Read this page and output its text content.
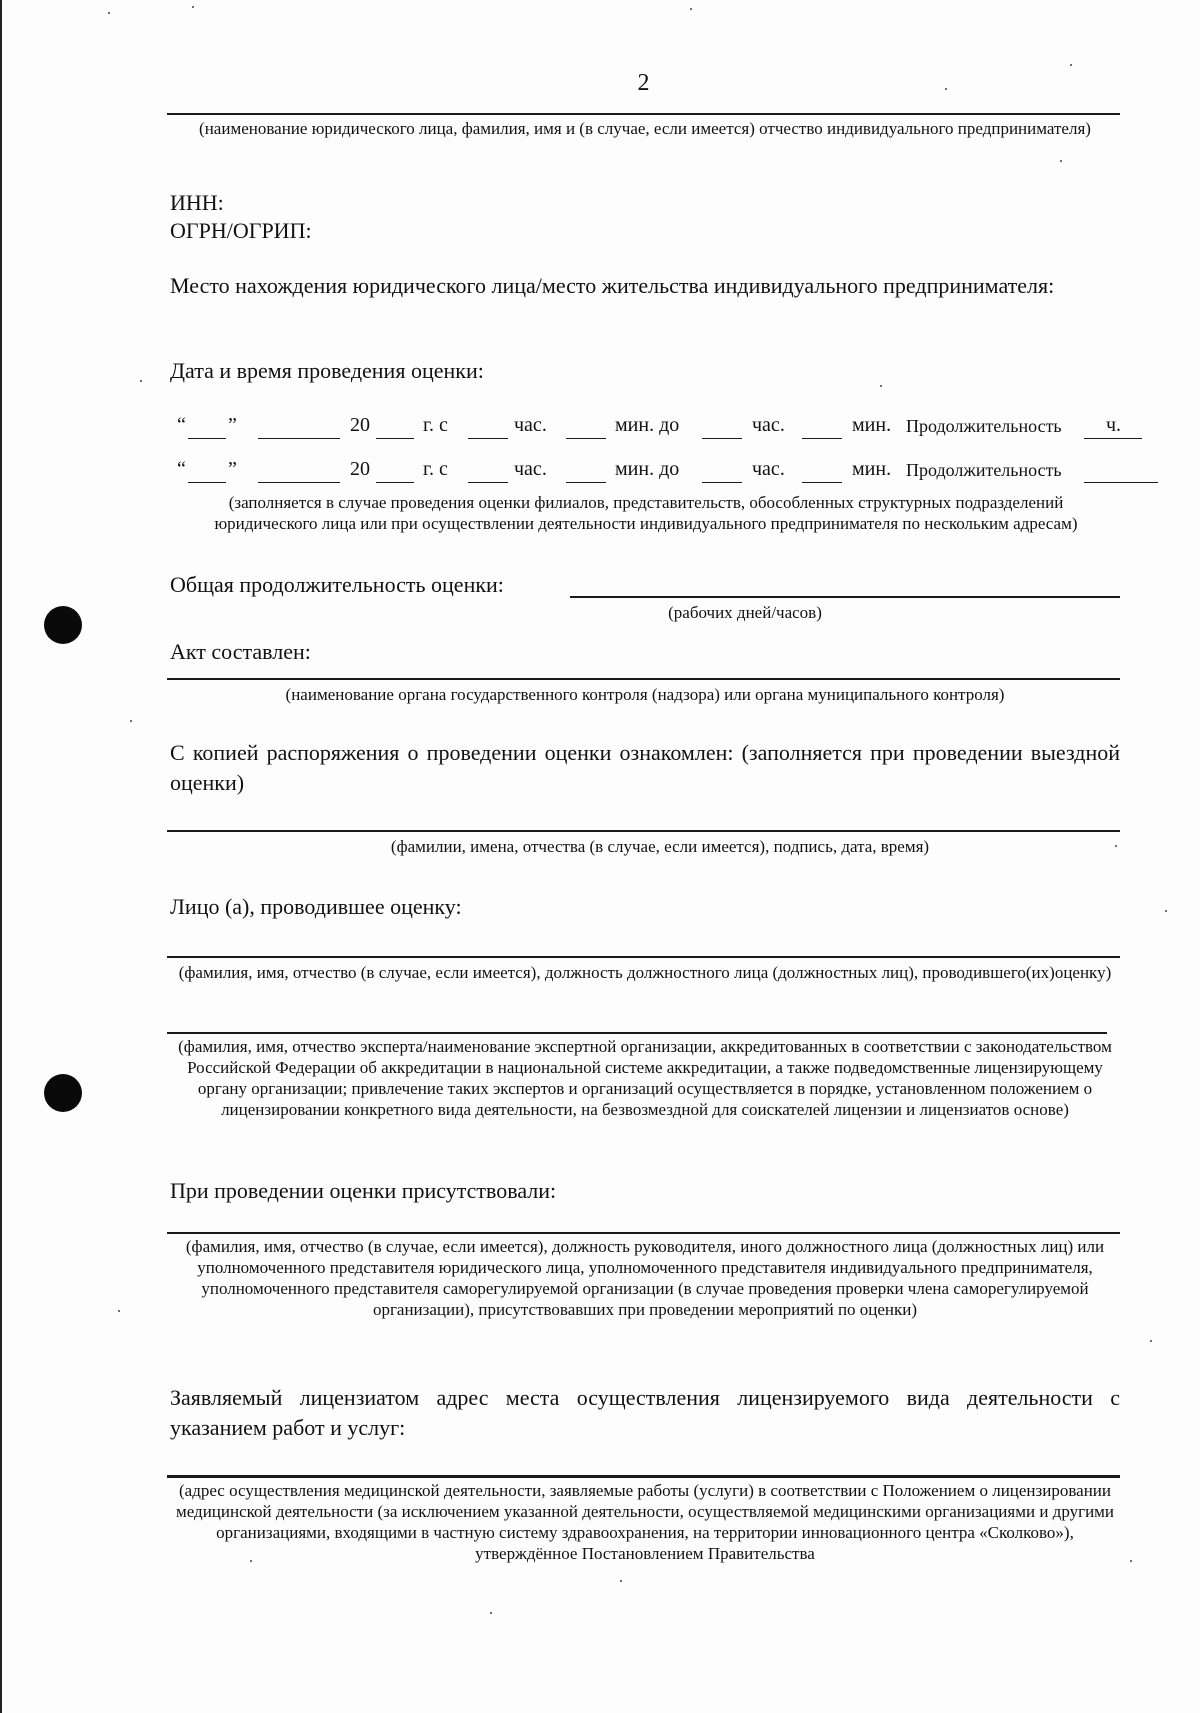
2
(наименование юридического лица, фамилия, имя и (в случае, если имеется) отчество индивидуального предпринимателя)
ИНН:
ОГРН/ОГРИП:
Место нахождения юридического лица/место жительства индивидуального предпринимателя:
Дата и время проведения оценки:
“ ”	20	г. с	час.	мин. до	час.	мин. Продолжительность ч.
“ ”	20	г. с	час.	мин. до	час.	мин. Продолжительность
(заполняется в случае проведения оценки филиалов, представительств, обособленных структурных подразделений юридического лица или при осуществлении деятельности индивидуального предпринимателя по нескольким адресам)
Общая продолжительность оценки:
(рабочих дней/часов)
Акт составлен:
(наименование органа государственного контроля (надзора) или органа муниципального контроля)
С копией распоряжения о проведении оценки ознакомлен: (заполняется при проведении выездной оценки)
(фамилии, имена, отчества (в случае, если имеется), подпись, дата, время)
Лицо (а), проводившее оценку:
(фамилия, имя, отчество (в случае, если имеется), должность должностного лица (должностных лиц), проводившего(их)оценку)
(фамилия, имя, отчество эксперта/наименование экспертной организации, аккредитованных в соответствии с законодательством Российской Федерации об аккредитации в национальной системе аккредитации, а также подведомственные лицензирующему органу организации; привлечение таких экспертов и организаций осуществляется в порядке, установленном положением о лицензировании конкретного вида деятельности, на безвозмездной для соискателей лицензии и лицензиатов основе)
При проведении оценки присутствовали:
(фамилия, имя, отчество (в случае, если имеется), должность руководителя, иного должностного лица (должностных лиц) или уполномоченного представителя юридического лица, уполномоченного представителя индивидуального предпринимателя, уполномоченного представителя саморегулируемой организации (в случае проведения проверки члена саморегулируемой организации), присутствовавших при проведении мероприятий по оценки)
Заявляемый лицензиатом адрес места осуществления лицензируемого вида деятельности с указанием работ и услуг:
(адрес осуществления медицинской деятельности, заявляемые работы (услуги) в соответствии с Положением о лицензировании медицинской деятельности (за исключением указанной деятельности, осуществляемой медицинскими организациями и другими организациями, входящими в частную систему здравоохранения, на территории инновационного центра «Сколково»), утверждённое Постановлением Правительства
